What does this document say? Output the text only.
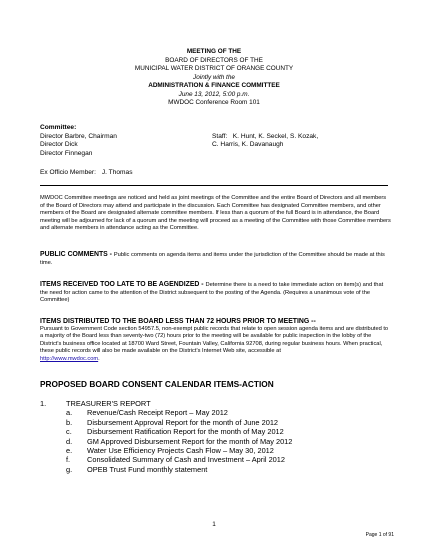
MEETING OF THE
BOARD OF DIRECTORS OF THE
MUNICIPAL WATER DISTRICT OF ORANGE COUNTY
Jointly with the
ADMINISTRATION & FINANCE COMMITTEE
June 13, 2012, 5:00 p.m.
MWDOC Conference Room 101
Committee:
Director Barbre, Chairman	Staff:   K. Hunt, K. Seckel, S. Kozak,
Director Dick	C. Harris, K. Davanaugh
Director Finnegan
Ex Officio Member: J. Thomas
MWDOC Committee meetings are noticed and held as joint meetings of the Committee and the entire Board of Directors and all members of the Board of Directors may attend and participate in the discussion. Each Committee has designated Committee members, and other members of the Board are designated alternate committee members. If less than a quorum of the full Board is in attendance, the Board meeting will be adjourned for lack of a quorum and the meeting will proceed as a meeting of the Committee with those Committee members and alternate members in attendance acting as the Committee.
PUBLIC COMMENTS - Public comments on agenda items and items under the jurisdiction of the Committee should be made at this time.
ITEMS RECEIVED TOO LATE TO BE AGENDIZED - Determine there is a need to take immediate action on item(s) and that the need for action came to the attention of the District subsequent to the posting of the Agenda. (Requires a unanimous vote of the Committee)
ITEMS DISTRIBUTED TO THE BOARD LESS THAN 72 HOURS PRIOR TO MEETING --
Pursuant to Government Code section 54957.5, non-exempt public records that relate to open session agenda items and are distributed to a majority of the Board less than seventy-two (72) hours prior to the meeting will be available for public inspection in the lobby of the District's business office located at 18700 Ward Street, Fountain Valley, California 92708, during regular business hours. When practical, these public records will also be made available on the District's Internet Web site, accessible at
http://www.mwdoc.com.
PROPOSED BOARD CONSENT CALENDAR ITEMS-ACTION
1.	TREASURER'S REPORT
a.	Revenue/Cash Receipt Report – May 2012
b.	Disbursement Approval Report for the month of June 2012
c.	Disbursement Ratification Report for the month of May 2012
d.	GM Approved Disbursement Report for the month of May 2012
e.	Water Use Efficiency Projects Cash Flow – May 30, 2012
f.	Consolidated Summary of Cash and Investment – April 2012
g.	OPEB Trust Fund monthly statement
1
Page 1 of 91
